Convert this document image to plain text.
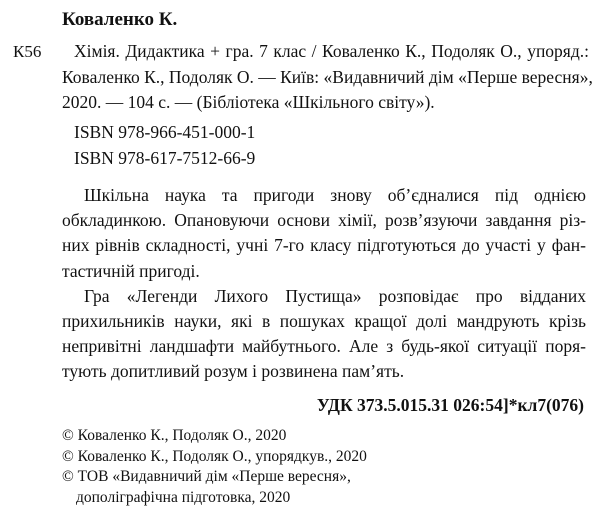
Коваленко К.
К56 Хімія. Дидактика + гра. 7 клас / Коваленко К., Подоляк О., упоряд.:
Коваленко К., Подоляк О. — Київ: «Видавничий дім «Перше вересня»,
2020. — 104 с. — (Бібліотека «Шкільного світу»).
ISBN 978-966-451-000-1
ISBN 978-617-7512-66-9
Шкільна наука та пригоди знову об’єдналися під однією
обкладинкою. Опановуючи основи хімії, розв’язуючи завдання різ-
них рівнів складності, учні 7-го класу підготуються до участі у фан-
тастичній пригоді.
Гра «Легенди Лихого Пустища» розповідає про відданих
прихильників науки, які в пошуках кращої долі мандрують крізь
непривітні ландшафти майбутнього. Але з будь-якої ситуації поря-
тують допитливий розум і розвинена пам’ять.
УДК 373.5.015.31 026:54]*кл7(076)
© Коваленко К., Подоляк О., 2020
© Коваленко К., Подоляк О., упорядкув., 2020
© ТОВ «Видавничий дім «Перше вересня»,
дополіграфічна підготовка, 2020
